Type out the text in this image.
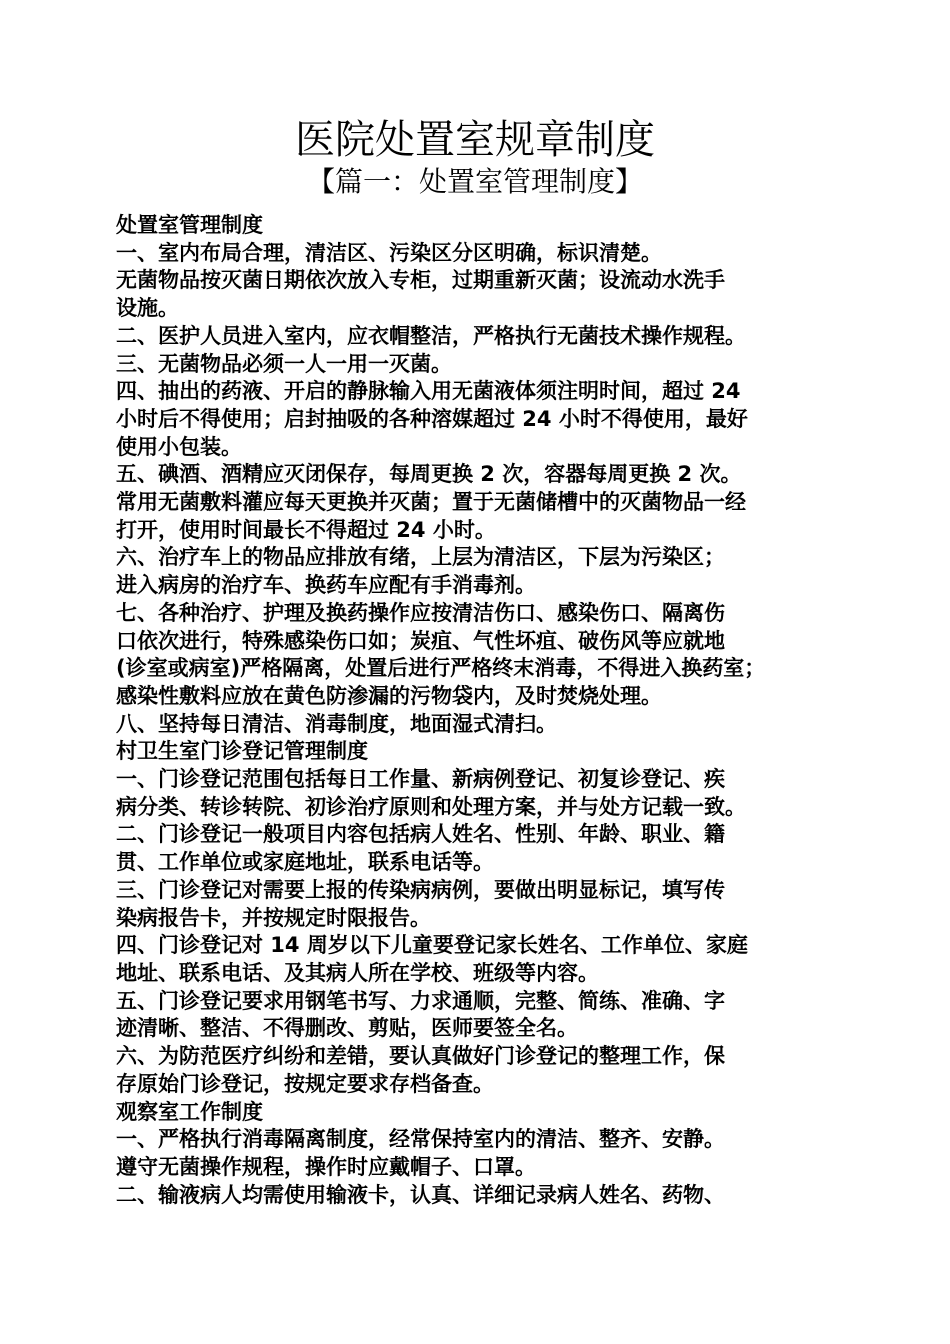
医院处置室规章制度
【篇一：处置室管理制度】
处置室管理制度
一、室内布局合理，清洁区、污染区分区明确，标识清楚。
无菌物品按灭菌日期依次放入专柜，过期重新灭菌；设流动水洗手
设施。
二、医护人员进入室内，应衣帽整洁，严格执行无菌技术操作规程。
三、无菌物品必须一人一用一灭菌。
四、抽出的药液、开启的静脉输入用无菌液体须注明时间，超过 24
小时后不得使用；启封抽吸的各种溶媒超过 24 小时不得使用，最好
使用小包装。
五、碘酒、酒精应灭闭保存，每周更换 2 次，容器每周更换 2 次。
常用无菌敷料灌应每天更换并灭菌；置于无菌储槽中的灭菌物品一经
打开，使用时间最长不得超过 24 小时。
六、治疗车上的物品应排放有绪，上层为清洁区，下层为污染区；
进入病房的治疗车、换药车应配有手消毒剂。
七、各种治疗、护理及换药操作应按清洁伤口、感染伤口、隔离伤
口依次进行，特殊感染伤口如；炭疽、气性坏疽、破伤风等应就地
(诊室或病室)严格隔离，处置后进行严格终末消毒，不得进入换药室；
感染性敷料应放在黄色防渗漏的污物袋内，及时焚烧处理。
八、坚持每日清洁、消毒制度，地面湿式清扫。
村卫生室门诊登记管理制度
一、门诊登记范围包括每日工作量、新病例登记、初复诊登记、疾
病分类、转诊转院、初诊治疗原则和处理方案，并与处方记载一致。
二、门诊登记一般项目内容包括病人姓名、性别、年龄、职业、籍
贯、工作单位或家庭地址，联系电话等。
三、门诊登记对需要上报的传染病病例，要做出明显标记，填写传
染病报告卡，并按规定时限报告。
四、门诊登记对 14 周岁以下儿童要登记家长姓名、工作单位、家庭
地址、联系电话、及其病人所在学校、班级等内容。
五、门诊登记要求用钢笔书写、力求通顺，完整、简练、准确、字
迹清晰、整洁、不得删改、剪贴，医师要签全名。
六、为防范医疗纠纷和差错，要认真做好门诊登记的整理工作，保
存原始门诊登记，按规定要求存档备查。
观察室工作制度
一、严格执行消毒隔离制度，经常保持室内的清洁、整齐、安静。
遵守无菌操作规程，操作时应戴帽子、口罩。
二、输液病人均需使用输液卡，认真、详细记录病人姓名、药物、
